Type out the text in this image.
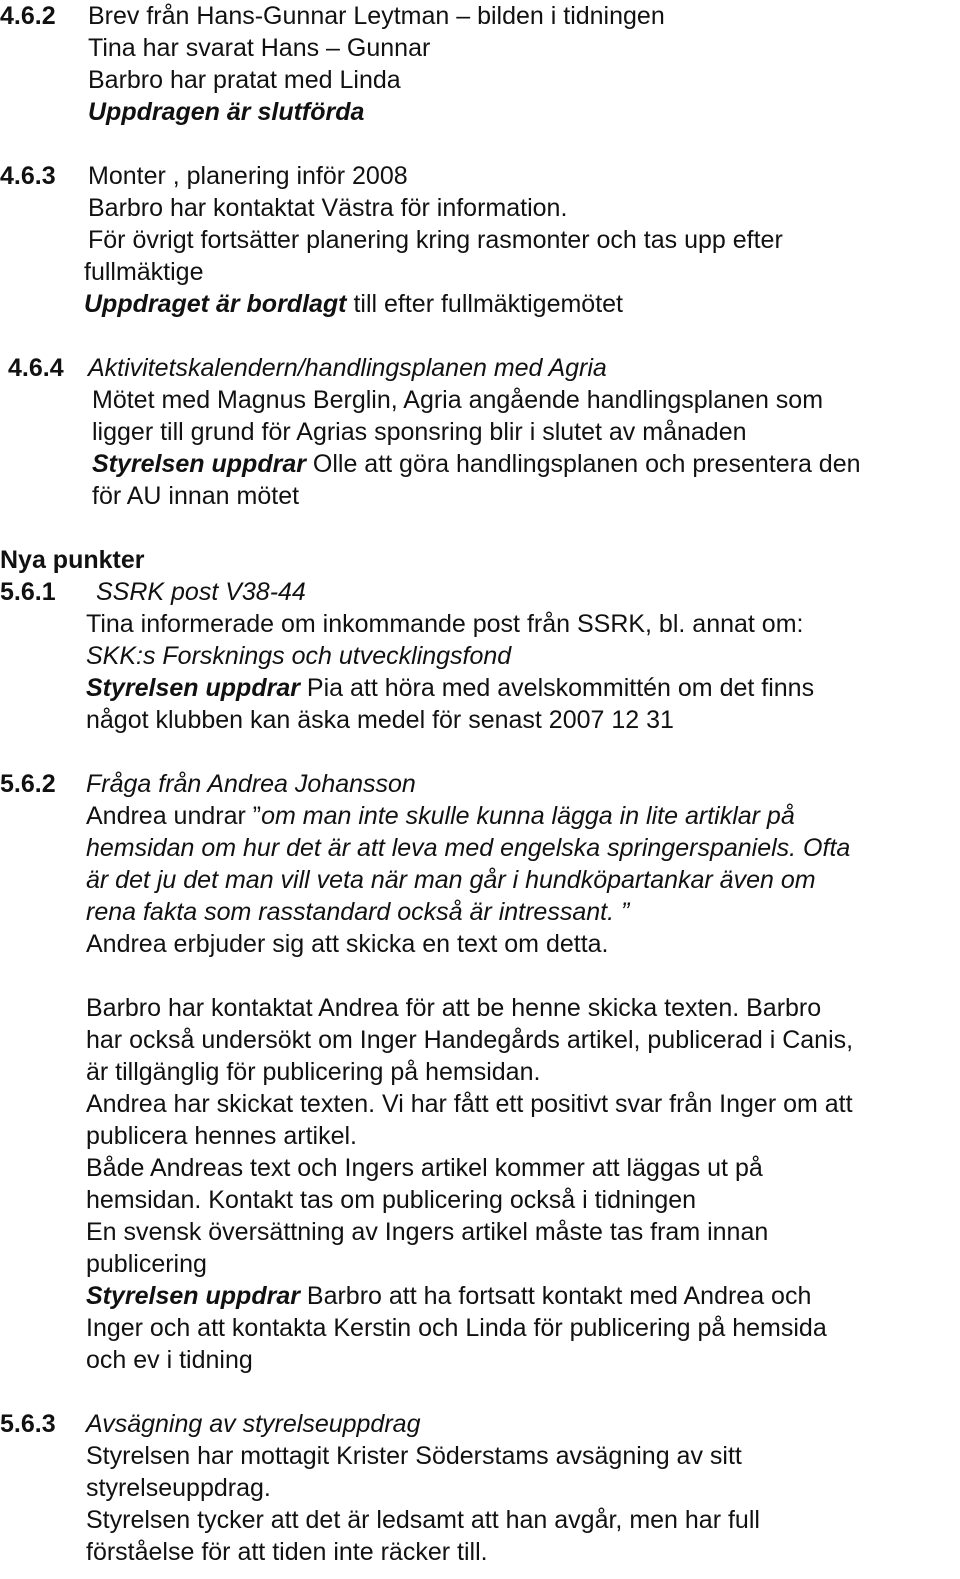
4.6.2 Brev från Hans-Gunnar Leytman – bilden i tidningen
Tina har svarat Hans – Gunnar
Barbro har pratat med Linda
Uppdragen är slutförda
4.6.3 Monter , planering inför 2008
Barbro har kontaktat Västra för information.
För övrigt fortsätter planering kring rasmonter och tas upp efter
fullmäktige
Uppdraget är bordlagt till efter fullmäktigemötet
4.6.4 Aktivitetskalendern/handlingsplanen med Agria
Mötet med Magnus Berglin, Agria angående handlingsplanen som
ligger till grund för Agrias sponsring blir i slutet av månaden
Styrelsen uppdrar Olle att göra handlingsplanen och presentera den
för AU innan mötet
Nya punkter
5.6.1 SSRK post V38-44
Tina informerade om inkommande post från SSRK, bl. annat om:
SKK:s Forsknings och utvecklingsfond
Styrelsen uppdrar Pia att höra med avelskommittén om det finns
något klubben kan äska medel för senast 2007 12 31
5.6.2 Fråga från Andrea Johansson
Andrea undrar ”om man inte skulle kunna lägga in lite artiklar på
hemsidan om hur det är att leva med engelska springerspaniels. Ofta
är det ju det man vill veta när man går i hundköpartankar även om
rena fakta som rasstandard också är intressant. ”
Andrea erbjuder sig att skicka en text om detta.
Barbro har kontaktat Andrea för att be henne skicka texten. Barbro
har också undersökt om Inger Handegårds artikel, publicerad i Canis,
är tillgänglig för publicering på hemsidan.
Andrea har skickat texten. Vi har fått ett positivt svar från Inger om att
publicera hennes artikel.
Både Andreas text och Ingers artikel kommer att läggas ut på
hemsidan. Kontakt tas om publicering också i tidningen
En svensk översättning av Ingers artikel måste tas fram innan
publicering
Styrelsen uppdrar Barbro att ha fortsatt kontakt med Andrea och
Inger och att kontakta Kerstin och Linda för publicering på hemsida
och ev i tidning
5.6.3 Avsägning av styrelseuppdrag
Styrelsen har mottagit Krister Söderstams avsägning av sitt
styrelseuppdrag.
Styrelsen tycker att det är ledsamt att han avgår, men har full
förståelse för att tiden inte räcker till.
